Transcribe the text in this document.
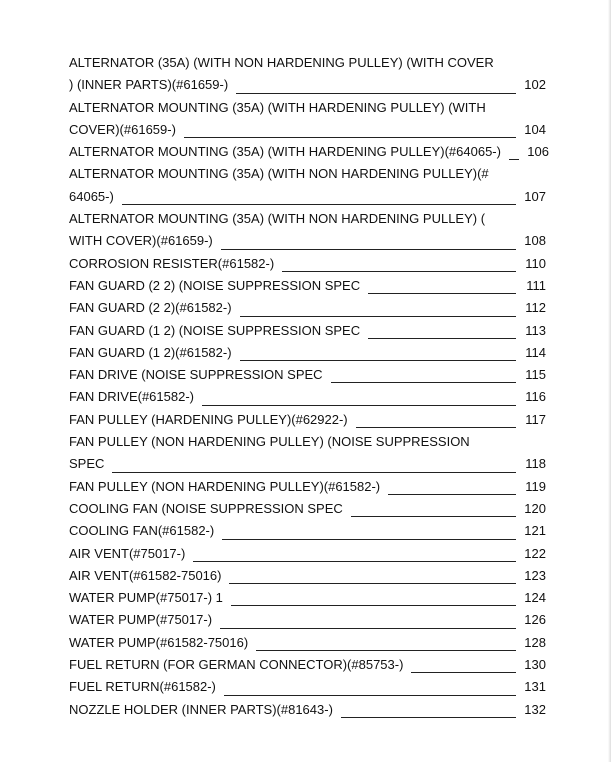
ALTERNATOR (35A) (WITH NON HARDENING PULLEY) (WITH COVER
) (INNER PARTS)(#61659-)	102
ALTERNATOR MOUNTING (35A) (WITH HARDENING PULLEY) (WITH
COVER)(#61659-)	104
ALTERNATOR MOUNTING (35A) (WITH HARDENING PULLEY)(#64065-) 106
ALTERNATOR MOUNTING (35A) (WITH NON HARDENING PULLEY)(#
64065-)	107
ALTERNATOR MOUNTING (35A) (WITH NON HARDENING PULLEY) (
WITH COVER)(#61659-)	108
CORROSION RESISTER(#61582-)	110
FAN GUARD (2 2) (NOISE SUPPRESSION SPEC	111
FAN GUARD (2 2)(#61582-)	112
FAN GUARD (1 2) (NOISE SUPPRESSION SPEC	113
FAN GUARD (1 2)(#61582-)	114
FAN DRIVE (NOISE SUPPRESSION SPEC	115
FAN DRIVE(#61582-)	116
FAN PULLEY (HARDENING PULLEY)(#62922-)	117
FAN PULLEY (NON HARDENING PULLEY) (NOISE SUPPRESSION
SPEC	118
FAN PULLEY (NON HARDENING PULLEY)(#61582-)	119
COOLING FAN (NOISE SUPPRESSION SPEC	120
COOLING FAN(#61582-)	121
AIR VENT(#75017-)	122
AIR VENT(#61582-75016)	123
WATER PUMP(#75017-) 1	124
WATER PUMP(#75017-)	126
WATER PUMP(#61582-75016)	128
FUEL RETURN (FOR GERMAN CONNECTOR)(#85753-)	130
FUEL RETURN(#61582-)	131
NOZZLE HOLDER (INNER PARTS)(#81643-)	132
